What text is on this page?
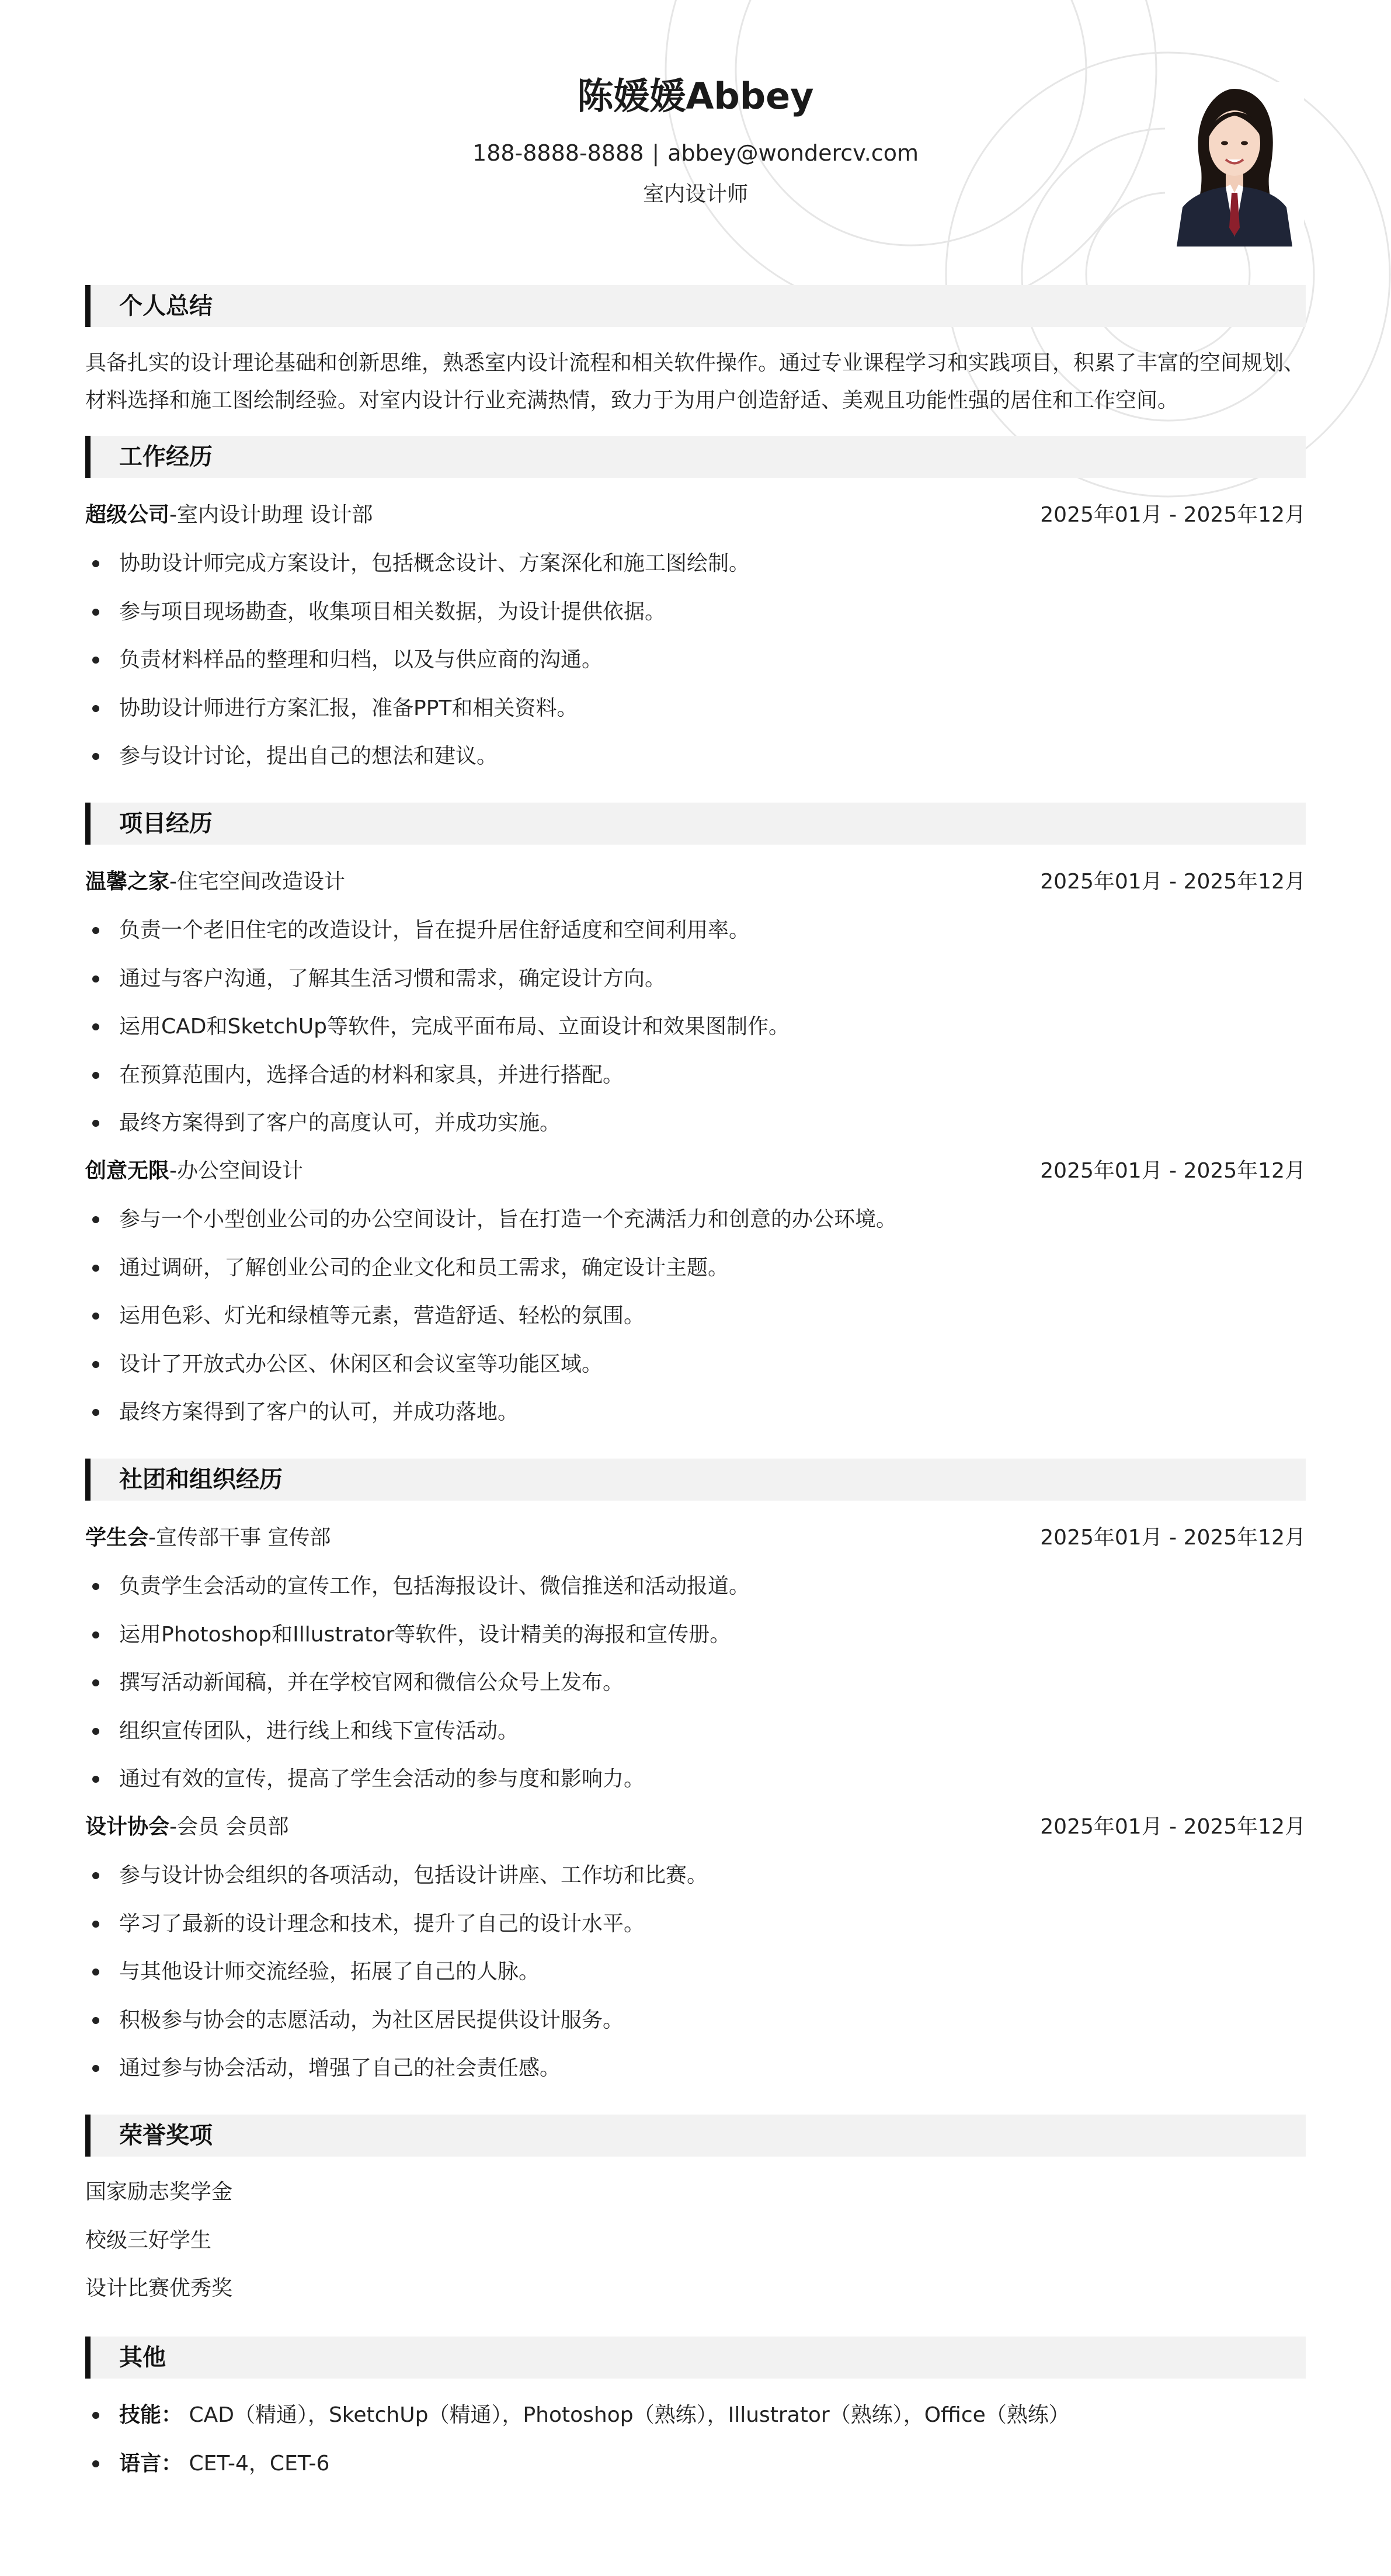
陈媛媛Abbey
188-8888-8888 | abbey@wondercv.com
室内设计师
个人总结
具备扎实的设计理论基础和创新思维，熟悉室内设计流程和相关软件操作。通过专业课程学习和实践项目，积累了丰富的空间规划、材料选择和施工图绘制经验。对室内设计行业充满热情，致力于为用户创造舒适、美观且功能性强的居住和工作空间。
工作经历
超级公司-室内设计助理 设计部	2025年01月 - 2025年12月
协助设计师完成方案设计，包括概念设计、方案深化和施工图绘制。
参与项目现场勘查，收集项目相关数据，为设计提供依据。
负责材料样品的整理和归档，以及与供应商的沟通。
协助设计师进行方案汇报，准备PPT和相关资料。
参与设计讨论，提出自己的想法和建议。
项目经历
温馨之家-住宅空间改造设计	2025年01月 - 2025年12月
负责一个老旧住宅的改造设计，旨在提升居住舒适度和空间利用率。
通过与客户沟通，了解其生活习惯和需求，确定设计方向。
运用CAD和SketchUp等软件，完成平面布局、立面设计和效果图制作。
在预算范围内，选择合适的材料和家具，并进行搭配。
最终方案得到了客户的高度认可，并成功实施。
创意无限-办公空间设计	2025年01月 - 2025年12月
参与一个小型创业公司的办公空间设计，旨在打造一个充满活力和创意的办公环境。
通过调研，了解创业公司的企业文化和员工需求，确定设计主题。
运用色彩、灯光和绿植等元素，营造舒适、轻松的氛围。
设计了开放式办公区、休闲区和会议室等功能区域。
最终方案得到了客户的认可，并成功落地。
社团和组织经历
学生会-宣传部干事 宣传部	2025年01月 - 2025年12月
负责学生会活动的宣传工作，包括海报设计、微信推送和活动报道。
运用Photoshop和Illustrator等软件，设计精美的海报和宣传册。
撰写活动新闻稿，并在学校官网和微信公众号上发布。
组织宣传团队，进行线上和线下宣传活动。
通过有效的宣传，提高了学生会活动的参与度和影响力。
设计协会-会员 会员部	2025年01月 - 2025年12月
参与设计协会组织的各项活动，包括设计讲座、工作坊和比赛。
学习了最新的设计理念和技术，提升了自己的设计水平。
与其他设计师交流经验，拓展了自己的人脉。
积极参与协会的志愿活动，为社区居民提供设计服务。
通过参与协会活动，增强了自己的社会责任感。
荣誉奖项
国家励志奖学金
校级三好学生
设计比赛优秀奖
其他
技能： CAD（精通），SketchUp（精通），Photoshop（熟练），Illustrator（熟练），Office（熟练）
语言： CET-4，CET-6
